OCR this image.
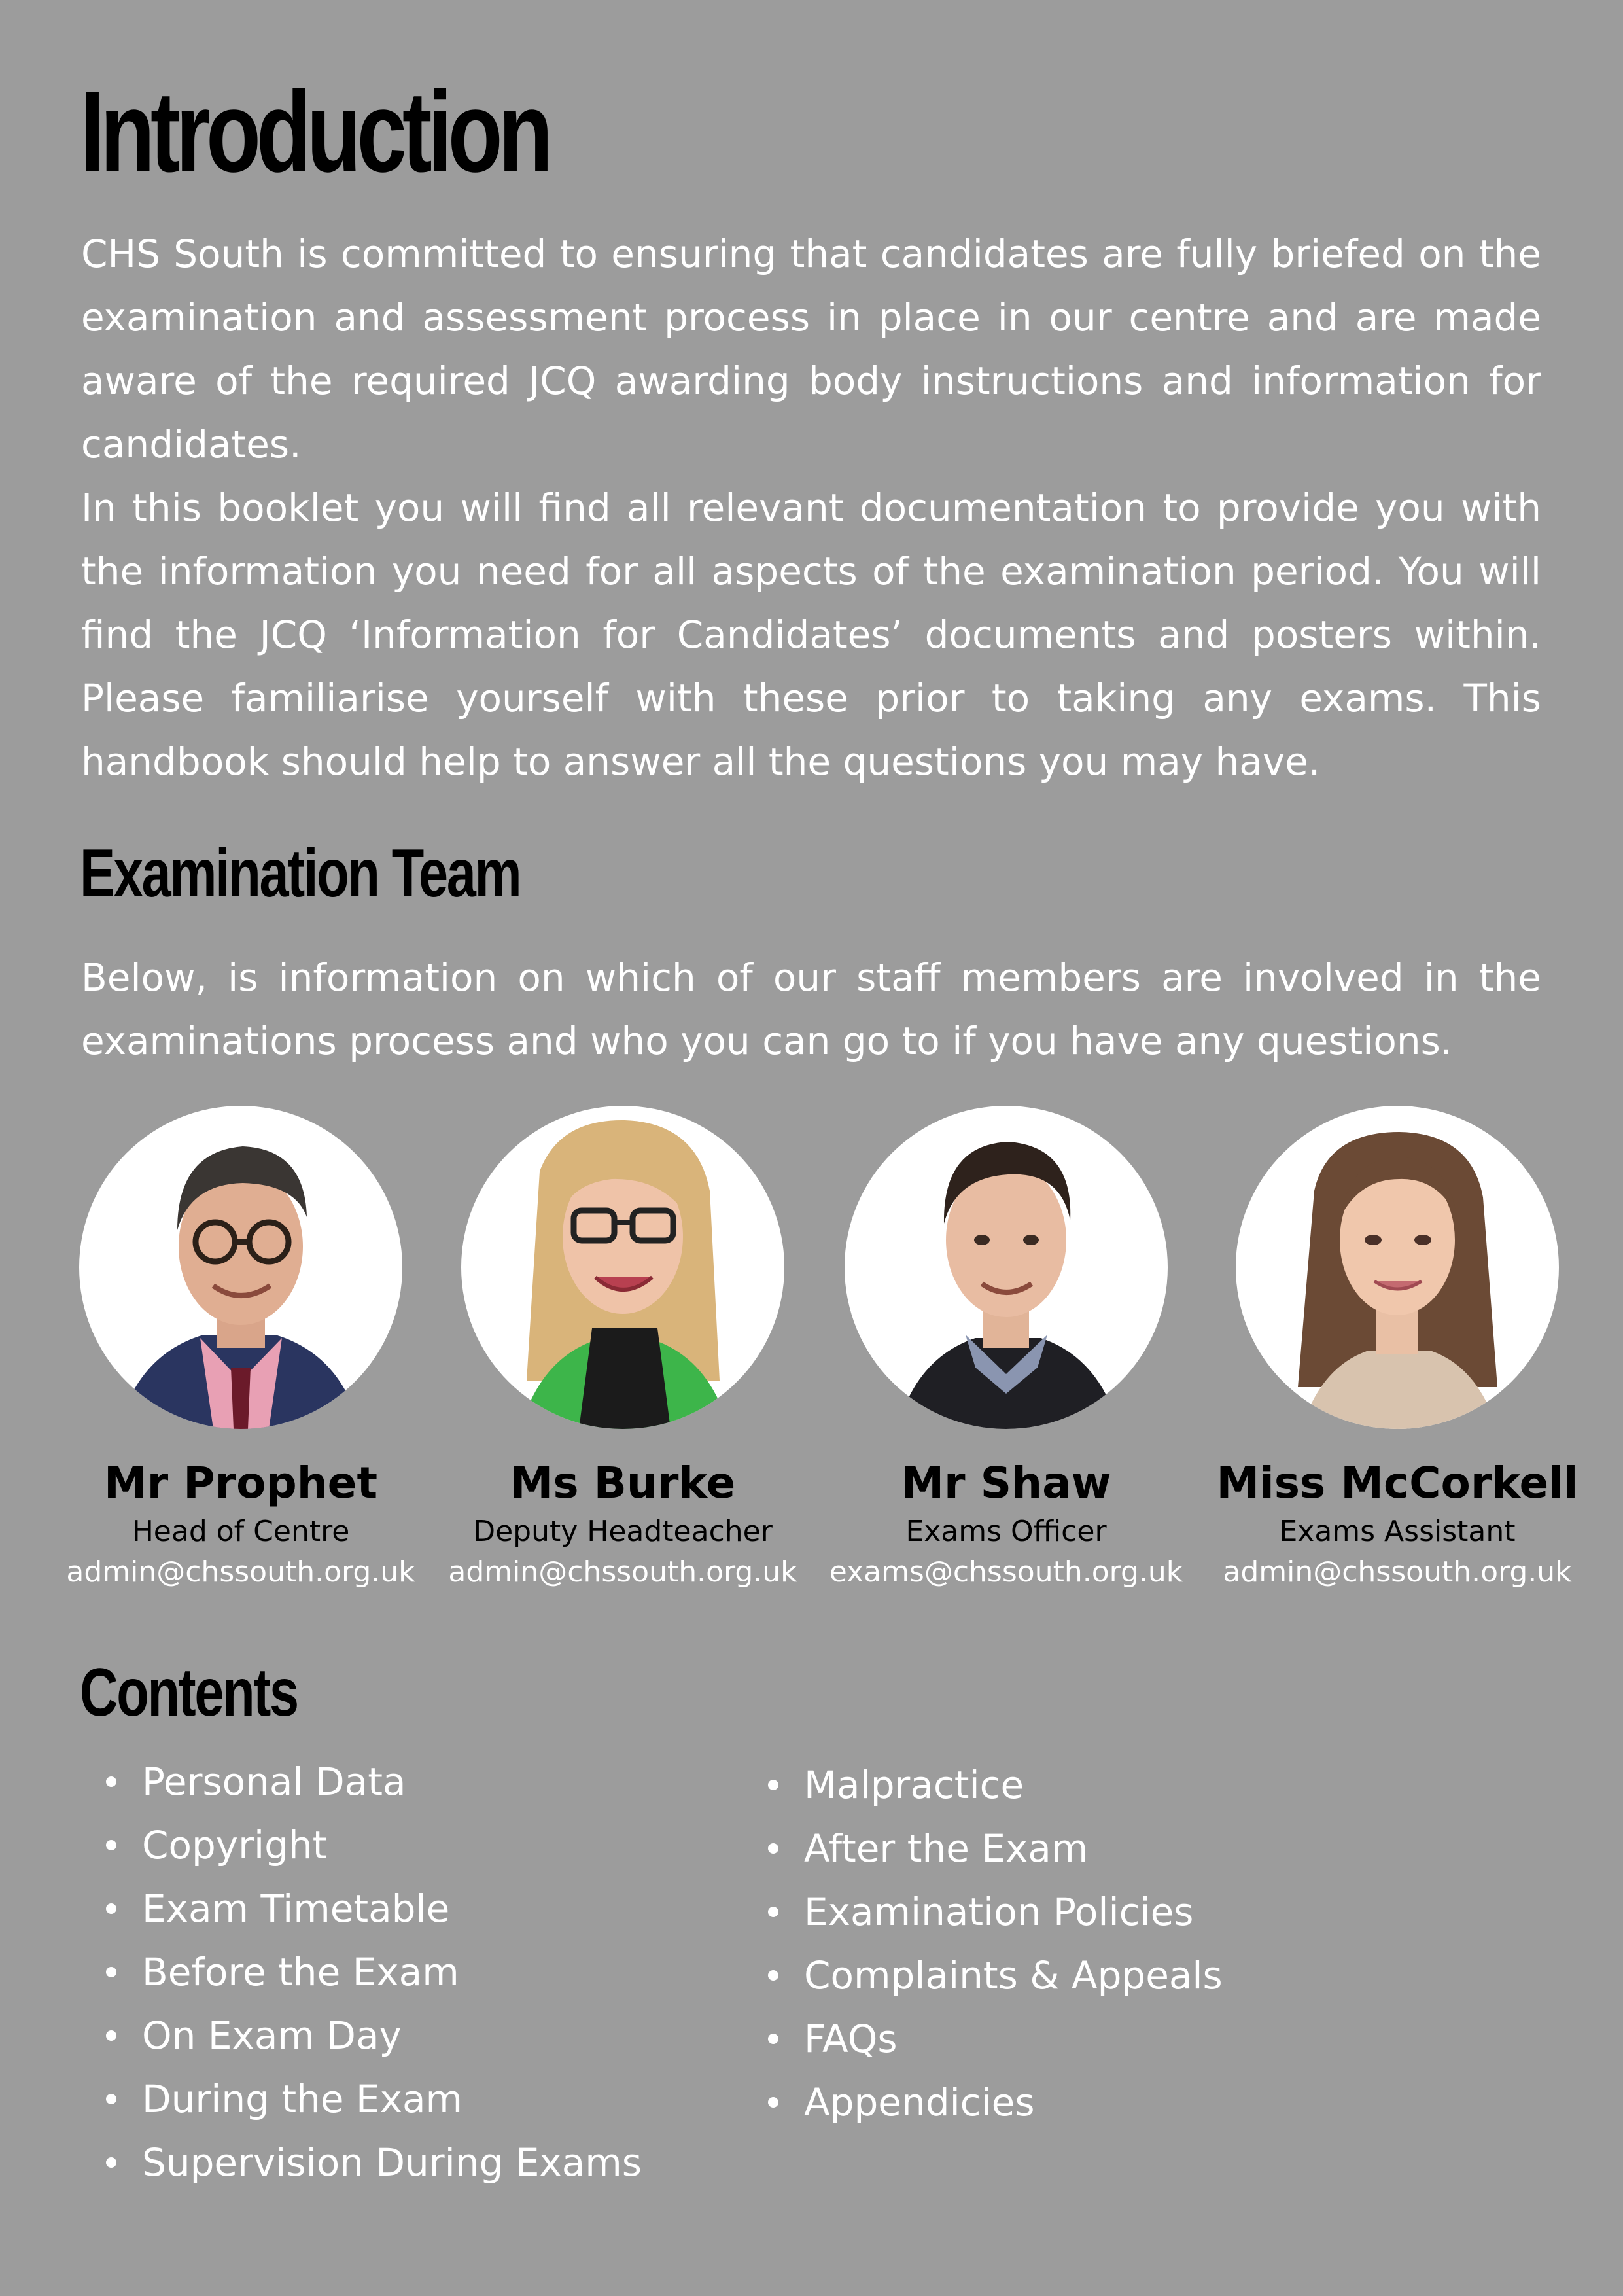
Introduction

CHS South is committed to ensuring that candidates are fully briefed on the examination and assessment process in place in our centre and are made aware of the required JCQ awarding body instructions and information for candidates.

In this booklet you will find all relevant documentation to provide you with the information you need for all aspects of the examination period. You will find the JCQ ‘Information for Candidates’ documents and posters within. Please familiarise yourself with these prior to taking any exams. This handbook should help to answer all the questions you may have.

Examination Team

Below, is information on which of our staff members are involved in the examinations process and who you can go to if you have any questions.

Mr Prophet
Head of Centre
admin@chssouth.org.uk
Ms Burke
Deputy Headteacher
admin@chssouth.org.uk
Mr Shaw
Exams Officer
exams@chssouth.org.uk
Miss McCorkell
Exams Assistant
admin@chssouth.org.uk
Contents
Personal Data
Copyright
Exam Timetable
Before the Exam
On Exam Day
During the Exam
Supervision During Exams
Malpractice
After the Exam
Examination Policies
Complaints & Appeals
FAQs
Appendicies
